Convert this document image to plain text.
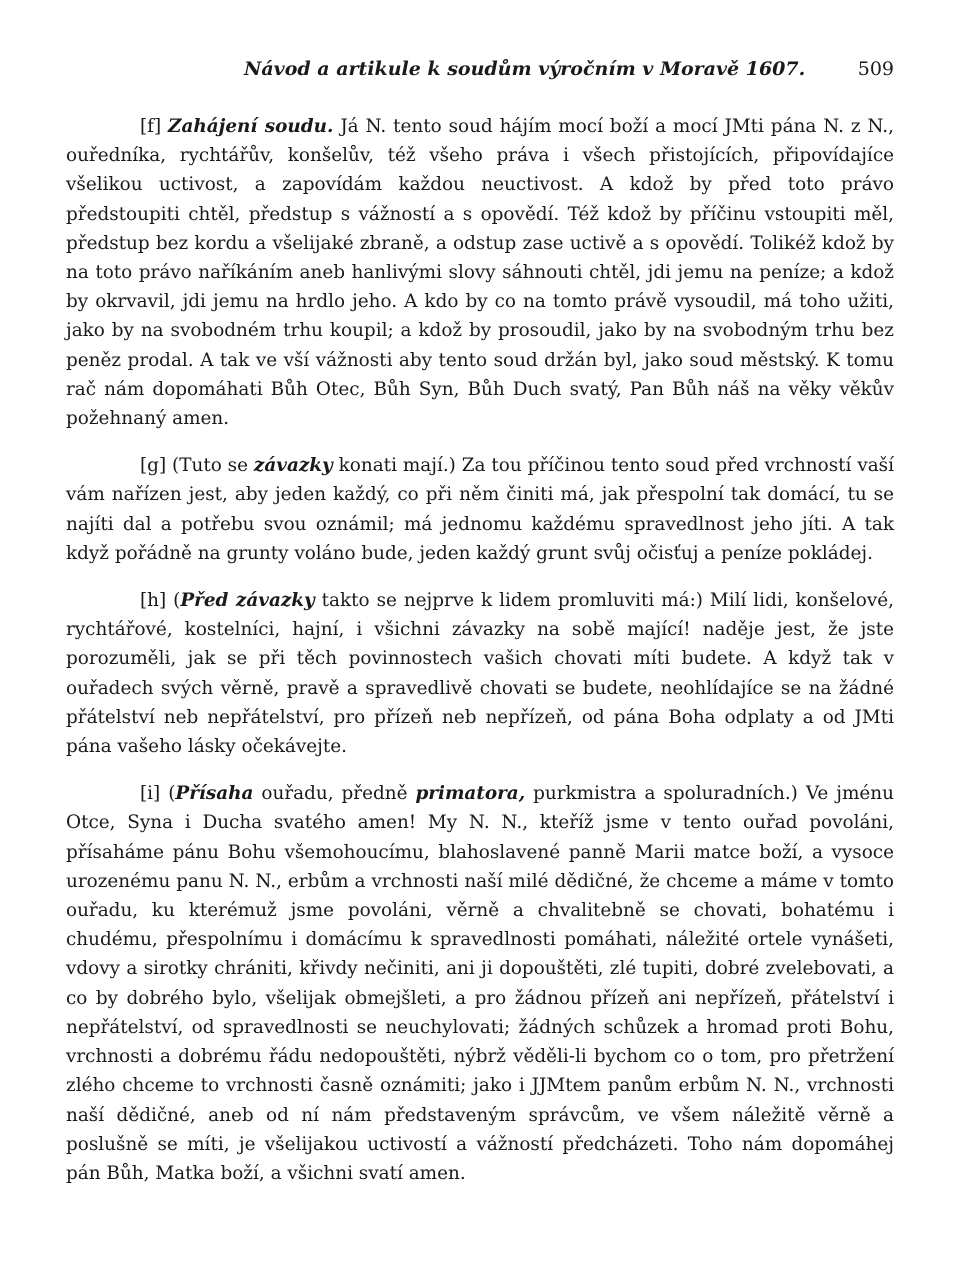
Návod a artikule k soudům výročním v Moravě 1607.	509

[f] Zahájení soudu. Já N. tento soud hájím mocí boží a mocí JMti pána N. z N., ouředníka, rychtářův, konšelův, též všeho práva i všech přistojících, připovídajíce všelikou uctivost, a zapovídám každou neuctivost. A kdož by před toto právo předstoupiti chtěl, předstup s vážností a s opovědí. Též kdož by příčinu vstoupiti měl, předstup bez kordu a všelijaké zbraně, a odstup zase uctivě a s opovědí. Tolikéž kdož by na toto právo naříkáním aneb hanlivými slovy sáhnouti chtěl, jdi jemu na peníze; a kdož by okrvavil, jdi jemu na hrdlo jeho. A kdo by co na tomto právě vysoudil, má toho užiti, jako by na svobodném trhu koupil; a kdož by prosoudil, jako by na svobodným trhu bez peněz prodal. A tak ve vší vážnosti aby tento soud držán byl, jako soud městský. K tomu rač nám dopomáhati Bůh Otec, Bůh Syn, Bůh Duch svatý, Pan Bůh náš na věky věkův požehnaný amen.

[g] (Tuto se závazky konati mají.) Za tou příčinou tento soud před vrchností vaší vám nařízen jest, aby jeden každý, co při něm činiti má, jak přespolní tak domácí, tu se najíti dal a potřebu svou oznámil; má jednomu každému spravedlnost jeho jíti. A tak když pořádně na grunty voláno bude, jeden každý grunt svůj očisťuj a peníze pokládej.

[h] (Před závazky takto se nejprve k lidem promluviti má:) Milí lidi, konšelové, rychtářové, kostelníci, hajní, i všichni závazky na sobě mající! naděje jest, že jste porozuměli, jak se při těch povinnostech vašich chovati míti budete. A když tak v ouřadech svých věrně, pravě a spravedlivě chovati se budete, neohlídajíce se na žádné přátelství neb nepřátelství, pro přízeň neb nepřízeň, od pána Boha odplaty a od JMti pána vašeho lásky očekávejte.

[i] (Přísaha ouřadu, předně primatora, purkmistra a spoluradních.) Ve jménu Otce, Syna i Ducha svatého amen! My N. N., kteříž jsme v tento ouřad povoláni, přísaháme pánu Bohu všemohoucímu, blahoslavené panně Marii matce boží, a vysoce urozenému panu N. N., erbům a vrchnosti naší milé dědičné, že chceme a máme v tomto ouřadu, ku kterémuž jsme povoláni, věrně a chvalitebně se chovati, bohatému i chudému, přespolnímu i domácímu k spravedlnosti pomáhati, náležité ortele vynášeti, vdovy a sirotky chrániti, křivdy nečiniti, ani ji dopouštěti, zlé tupiti, dobré zvelebovati, a co by dobrého bylo, všelijak obmejšleti, a pro žádnou přízeň ani nepřízeň, přátelství i nepřátelství, od spravedlnosti se neuchylovati; žádných schůzek a hromad proti Bohu, vrchnosti a dobrému řádu nedopouštěti, nýbrž věděli-li bychom co o tom, pro přetržení zlého chceme to vrchnosti časně oznámiti; jako i JJMtem panům erbům N. N., vrchnosti naší dědičné, aneb od ní nám představeným správcům, ve všem náležitě věrně a poslušně se míti, je všelijakou uctivostí a vážností předcházeti. Toho nám dopomáhej pán Bůh, Matka boží, a všichni svatí amen.
